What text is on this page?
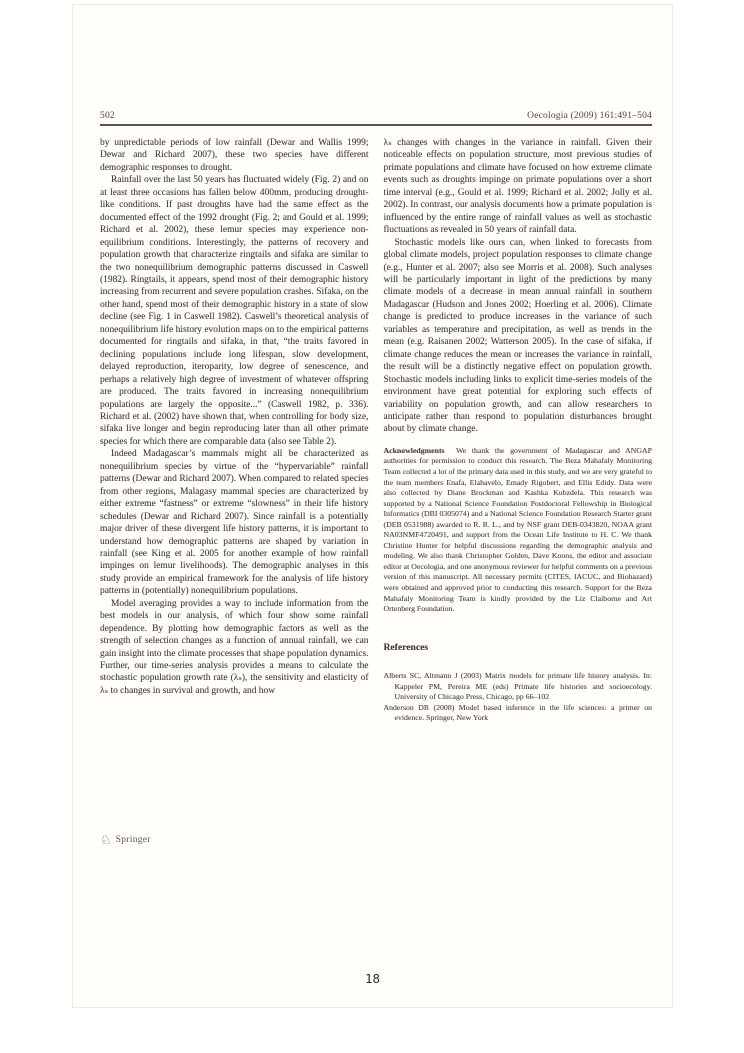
502	Oecologia (2009) 161:491–504

by unpredictable periods of low rainfall (Dewar and Wallis 1999; Dewar and Richard 2007), these two species have different demographic responses to drought.

Rainfall over the last 50 years has fluctuated widely (Fig. 2) and on at least three occasions has fallen below 400mm, producing drought-like conditions. If past droughts have had the same effect as the documented effect of the 1992 drought (Fig. 2; and Gould et al. 1999; Richard et al. 2002), these lemur species may experience non-equilibrium conditions. Interestingly, the patterns of recovery and population growth that characterize ringtails and sifaka are similar to the two nonequilibrium demographic patterns discussed in Caswell (1982). Ringtails, it appears, spend most of their demographic history increasing from recurrent and severe population crashes. Sifaka, on the other hand, spend most of their demographic history in a state of slow decline (see Fig. 1 in Caswell 1982). Caswell’s theoretical analysis of nonequilibrium life history evolution maps on to the empirical patterns documented for ringtails and sifaka, in that, “the traits favored in declining populations include long lifespan, slow development, delayed reproduction, iteroparity, low degree of senescence, and perhaps a relatively high degree of investment of whatever offspring are produced. The traits favored in increasing nonequilibrium populations are largely the opposite...” (Caswell 1982, p. 336). Richard et al. (2002) have shown that, when controlling for body size, sifaka live longer and begin reproducing later than all other primate species for which there are comparable data (also see Table 2).

Indeed Madagascar’s mammals might all be characterized as nonequilibrium species by virtue of the “hypervariable” rainfall patterns (Dewar and Richard 2007). When compared to related species from other regions, Malagasy mammal species are characterized by either extreme “fastness” or extreme “slowness” in their life history schedules (Dewar and Richard 2007). Since rainfall is a potentially major driver of these divergent life history patterns, it is important to understand how demographic patterns are shaped by variation in rainfall (see King et al. 2005 for another example of how rainfall impinges on lemur livelihoods). The demographic analyses in this study provide an empirical framework for the analysis of life history patterns in (potentially) nonequilibrium populations.

Model averaging provides a way to include information from the best models in our analysis, of which four show some rainfall dependence. By plotting how demographic factors as well as the strength of selection changes as a function of annual rainfall, we can gain insight into the climate processes that shape population dynamics. Further, our time-series analysis provides a means to calculate the stochastic population growth rate (λₛ), the sensitivity and elasticity of λₛ to changes in survival and growth, and how

λₛ changes with changes in the variance in rainfall. Given their noticeable effects on population structure, most previous studies of primate populations and climate have focused on how extreme climate events such as droughts impinge on primate populations over a short time interval (e.g., Gould et al. 1999; Richard et al. 2002; Jolly et al. 2002). In contrast, our analysis documents how a primate population is influenced by the entire range of rainfall values as well as stochastic fluctuations as revealed in 50 years of rainfall data.

Stochastic models like ours can, when linked to forecasts from global climate models, project population responses to climate change (e.g., Hunter et al. 2007; also see Morris et al. 2008). Such analyses will be particularly important in light of the predictions by many climate models of a decrease in mean annual rainfall in southern Madagascar (Hudson and Jones 2002; Hoerling et al. 2006). Climate change is predicted to produce increases in the variance of such variables as temperature and precipitation, as well as trends in the mean (e.g. Raisanen 2002; Watterson 2005). In the case of sifaka, if climate change reduces the mean or increases the variance in rainfall, the result will be a distinctly negative effect on population growth. Stochastic models including links to explicit time-series models of the environment have great potential for exploring such effects of variability on population growth, and can allow researchers to anticipate rather than respond to population disturbances brought about by climate change.

Acknowledgments We thank the government of Madagascar and ANGAP authorities for permission to conduct this research. The Beza Mahafaly Monitoring Team collected a lot of the primary data used in this study, and we are very grateful to the team members Enafa, Elahavelo, Emady Rigobert, and Ellis Edidy. Data were also collected by Diane Brockman and Kashka Kubzdela. This research was supported by a National Science Foundation Postdoctoral Fellowship in Biological Informatics (DBI 0305074) and a National Science Foundation Research Starter grant (DEB 0531988) awarded to R. R. L., and by NSF grant DEB-0343820, NOAA grant NA03NMF4720491, and support from the Ocean Life Institute to H. C. We thank Christine Hunter for helpful discussions regarding the demographic analysis and modeling. We also thank Christopher Golden, Dave Koons, the editor and associate editor at Oecologia, and one anonymous reviewer for helpful comments on a previous version of this manuscript. All necessary permits (CITES, IACUC, and Biohazard) were obtained and approved prior to conducting this research. Support for the Beza Mahafaly Monitoring Team is kindly provided by the Liz Claiborne and Art Ortenberg Foundation.

References

Alberts SC, Altmann J (2003) Matrix models for primate life history analysis. In: Kappeler PM, Pereira ME (eds) Primate life histories and socioecology. University of Chicago Press, Chicago, pp 66–102

Anderson DR (2008) Model based inference in the life sciences: a primer on evidence. Springer, New York

♘ Springer
18
